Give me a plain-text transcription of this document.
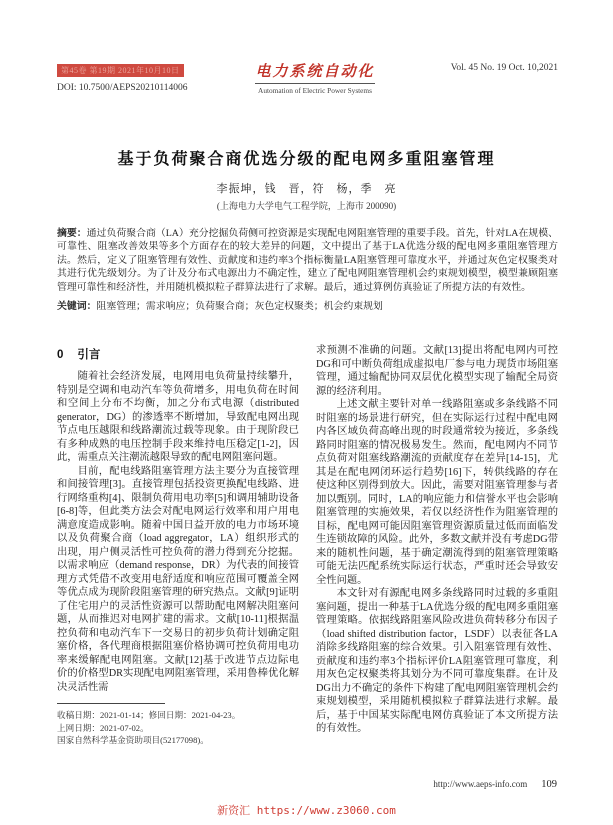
第45卷 第19期 2021年10月10日
DOI: 10.7500/AEPS20210114006
电力系统自动化
Automation of Electric Power Systems
Vol. 45 No. 19 Oct. 10,2021
基于负荷聚合商优选分级的配电网多重阻塞管理
李振坤，钱　晋，符　杨，季　亮
(上海电力大学电气工程学院，上海市 200090)

摘要：通过负荷聚合商（LA）充分挖掘负荷侧可控资源是实现配电网阻塞管理的重要手段。首先，针对LA在规模、可靠性、阻塞改善效果等多个方面存在的较大差异的问题，文中提出了基于LA优选分级的配电网多重阻塞管理方法。然后，定义了阻塞管理有效性、贡献度和违约率3个指标衡量LA阻塞管理可靠度水平，并通过灰色定权聚类对其进行优先级划分。为了计及分布式电源出力不确定性，建立了配电网阻塞管理机会约束规划模型，模型兼顾阻塞管理可靠性和经济性，并用随机模拟粒子群算法进行了求解。最后，通过算例仿真验证了所提方法的有效性。

关键词：阻塞管理；需求响应；负荷聚合商；灰色定权聚类；机会约束规划

0 引言

随着社会经济发展，电网用电负荷量持续攀升，特别是空调和电动汽车等负荷增多，用电负荷在时间和空间上分布不均衡，加之分布式电源（distributed generator，DG）的渗透率不断增加，导致配电网出现节点电压越限和线路潮流过载等现象。由于现阶段已有多种成熟的电压控制手段来维持电压稳定[1-2]，因此，需重点关注潮流越限导致的配电网阻塞问题。

目前，配电线路阻塞管理方法主要分为直接管理和间接管理[3]。直接管理包括投资更换配电线路、进行网络重构[4]、限制负荷用电功率[5]和调用辅助设备[6-8]等，但此类方法会对配电网运行效率和用户用电满意度造成影响。随着中国日益开放的电力市场环境以及负荷聚合商（load aggregator，LA）组织形式的出现，用户侧灵活性可控负荷的潜力得到充分挖掘。以需求响应（demand response，DR）为代表的间接管理方式凭借不改变用电舒适度和响应范围可覆盖全网等优点成为现阶段阻塞管理的研究热点。文献[9]证明了住宅用户的灵活性资源可以帮助配电网解决阻塞问题，从而推迟对电网扩建的需求。文献[10-11]根据温控负荷和电动汽车下一交易日的初步负荷计划确定阻塞价格，各代理商根据阻塞价格协调可控负荷用电功率来缓解配电网阻塞。文献[12]基于改进节点边际电价的价格型DR实现配电网阻塞管理，采用鲁棒优化解决灵活性需

收稿日期：2021-01-14；修回日期：2021-04-23。

上网日期：2021-07-02。

国家自然科学基金资助项目(52177098)。

求预测不准确的问题。文献[13]提出将配电网内可控DG和可中断负荷组成虚拟电厂参与电力现货市场阻塞管理，通过输配协同双层优化模型实现了输配全局资源的经济利用。

上述文献主要针对单一线路阻塞或多条线路不同时阻塞的场景进行研究，但在实际运行过程中配电网内各区域负荷高峰出现的时段通常较为接近，多条线路同时阻塞的情况极易发生。然而，配电网内不同节点负荷对阻塞线路潮流的贡献度存在差异[14-15]，尤其是在配电网闭环运行趋势[16]下，转供线路的存在使这种区别得到放大。因此，需要对阻塞管理参与者加以甄别。同时，LA的响应能力和信誉水平也会影响阻塞管理的实施效果，若仅以经济性作为阻塞管理的目标，配电网可能因阻塞管理资源质量过低而面临发生连锁故障的风险。此外，多数文献并没有考虑DG带来的随机性问题，基于确定潮流得到的阻塞管理策略可能无法匹配系统实际运行状态，严重时还会导致安全性问题。

本文针对有源配电网多条线路同时过载的多重阻塞问题，提出一种基于LA优选分级的配电网多重阻塞管理策略。依据线路阻塞风险改进负荷转移分布因子（load shifted distribution factor，LSDF）以表征各LA消除多线路阻塞的综合效果。引入阻塞管理有效性、贡献度和违约率3个指标评价LA阻塞管理可靠度，利用灰色定权聚类将其划分为不同可靠度集群。在计及DG出力不确定的条件下构建了配电网阻塞管理机会约束规划模型，采用随机模拟粒子群算法进行求解。最后，基于中国某实际配电网仿真验证了本文所提方法的有效性。

http://www.aeps-info.com 109
新资汇 https://www.z3060.com
